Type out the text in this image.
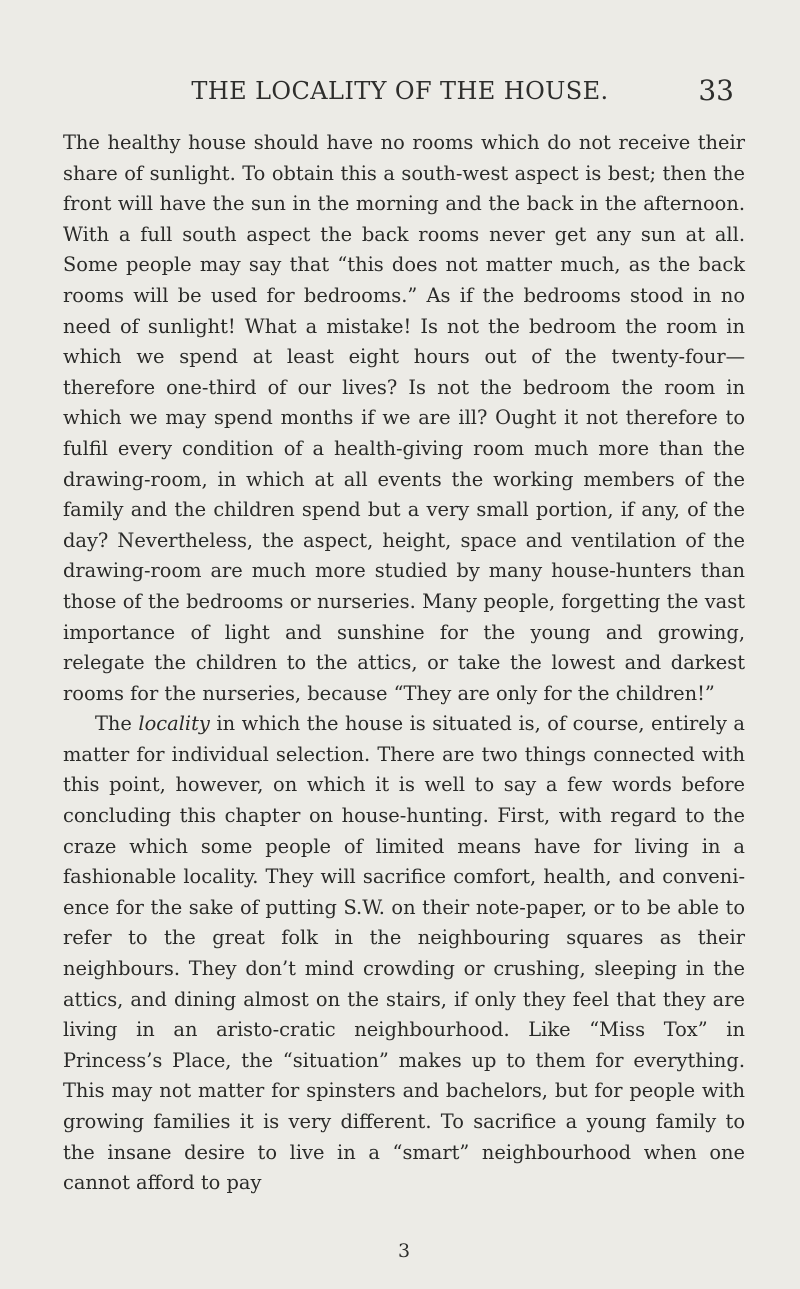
THE LOCALITY OF THE HOUSE.	33

The healthy house should have no rooms which do not receive their share of sunlight. To obtain this a south-west aspect is best; then the front will have the sun in the morning and the back in the afternoon. With a full south aspect the back rooms never get any sun at all. Some people may say that “this does not matter much, as the back rooms will be used for bedrooms.” As if the bedrooms stood in no need of sunlight! What a mistake! Is not the bedroom the room in which we spend at least eight hours out of the twenty-four—therefore one-third of our lives? Is not the bedroom the room in which we may spend months if we are ill? Ought it not therefore to fulfil every condition of a health-giving room much more than the drawing-room, in which at all events the working members of the family and the children spend but a very small portion, if any, of the day? Nevertheless, the aspect, height, space and ventilation of the drawing-room are much more studied by many house-hunters than those of the bedrooms or nurseries. Many people, forgetting the vast importance of light and sunshine for the young and growing, relegate the children to the attics, or take the lowest and darkest rooms for the nurseries, because “They are only for the children!”

The locality in which the house is situated is, of course, entirely a matter for individual selection. There are two things connected with this point, however, on which it is well to say a few words before concluding this chapter on house-hunting. First, with regard to the craze which some people of limited means have for living in a fashionable locality. They will sacrifice comfort, health, and conveni-ence for the sake of putting S.W. on their note-paper, or to be able to refer to the great folk in the neighbouring squares as their neighbours. They don’t mind crowding or crushing, sleeping in the attics, and dining almost on the stairs, if only they feel that they are living in an aristo-cratic neighbourhood. Like “Miss Tox” in Princess’s Place, the “situation” makes up to them for everything. This may not matter for spinsters and bachelors, but for people with growing families it is very different. To sacrifice a young family to the insane desire to live in a “smart” neighbourhood when one cannot afford to pay

3
